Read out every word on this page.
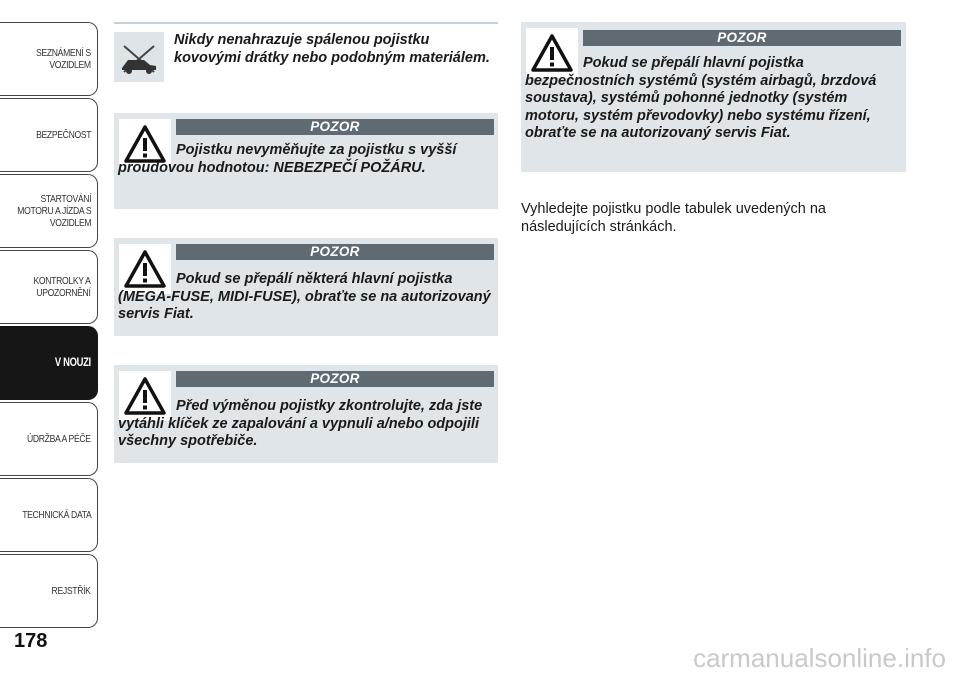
SEZNÁMENÍ S
VOZIDLEM
BEZPEČNOST
STARTOVÁNÍ
MOTORU A JÍZDA S
VOZIDLEM
KONTROLKY A
UPOZORNĚNÍ
V NOUZI
ÚDRŽBA A PÉČE
TECHNICKÁ DATA
REJSTŘÍK
178
Nikdy nenahrazuje spálenou pojistku kovovými drátky nebo podobným materiálem.
POZOR
Pojistku nevyměňujte za pojistku s vyšší proudovou hodnotou: NEBEZPEČÍ POŽÁRU.
POZOR
Pokud se přepálí některá hlavní pojistka (MEGA-FUSE, MIDI-FUSE), obraťte se na autorizovaný servis Fiat.
POZOR
Před výměnou pojistky zkontrolujte, zda jste vytáhli klíček ze zapalování a vypnuli a/nebo odpojili všechny spotřebiče.
POZOR
Pokud se přepálí hlavní pojistka bezpečnostních systémů (systém airbagů, brzdová soustava), systémů pohonné jednotky (systém motoru, systém převodovky) nebo systému řízení, obraťte se na autorizovaný servis Fiat.
Vyhledejte pojistku podle tabulek uvedených na následujících stránkách.
carmanualsonline.info
